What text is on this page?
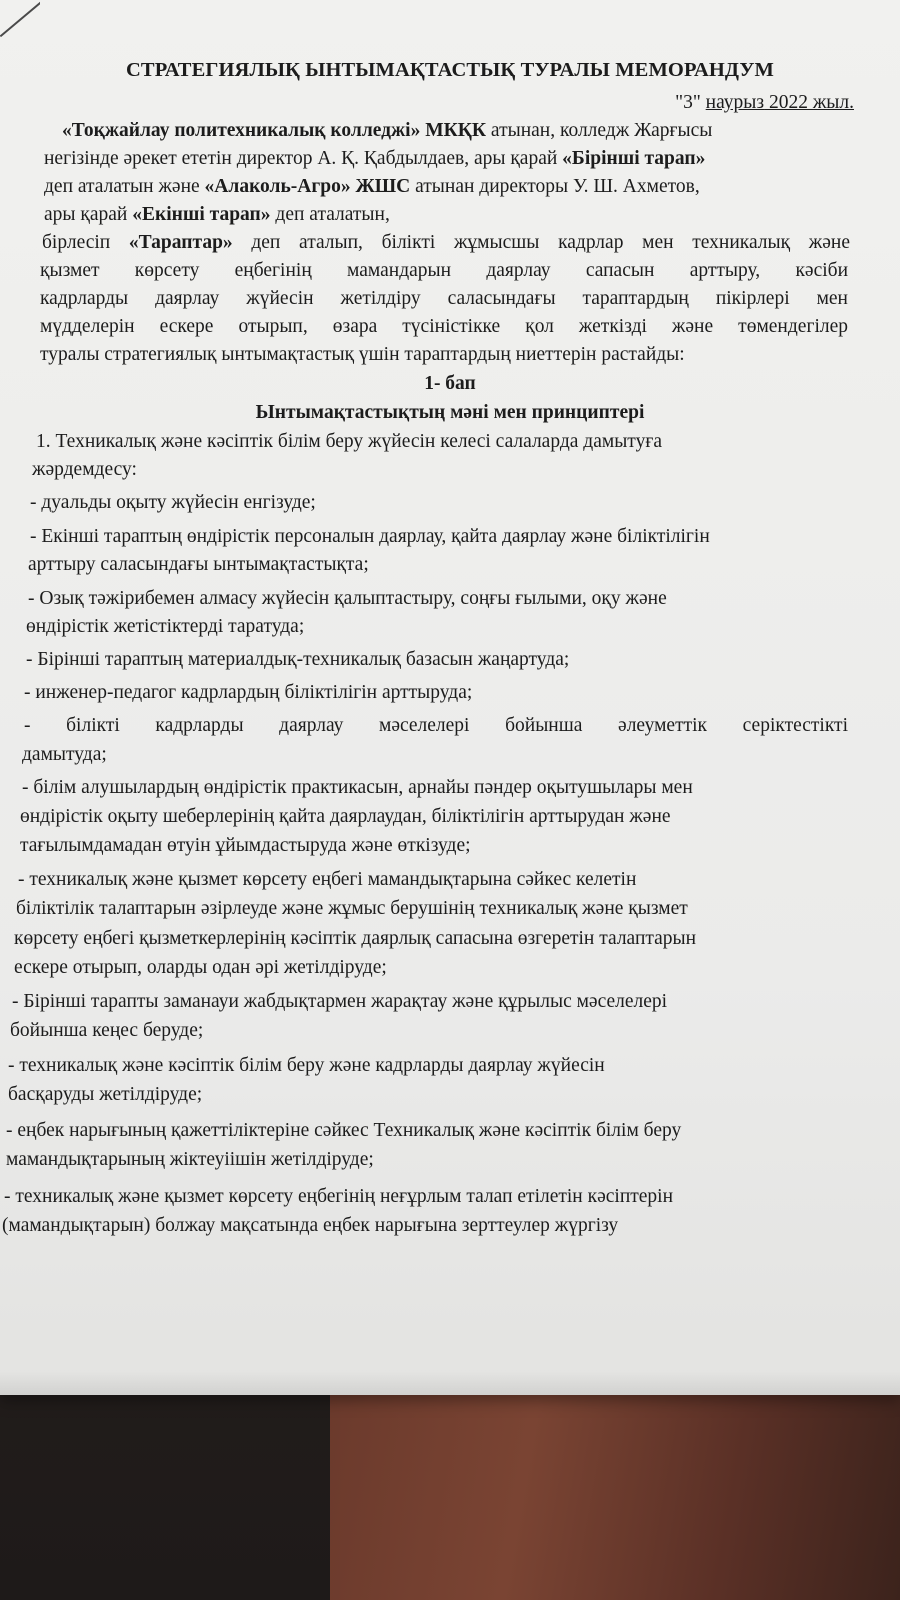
СТРАТЕГИЯЛЫҚ ЫНТЫМАҚТАСТЫҚ ТУРАЛЫ МЕМОРАНДУМ
"3" наурыз 2022 жыл.
«Тоқжайлау политехникалық колледжі» МКҚК атынан, колледж Жарғысы
негізінде әрекет ететін директор А. Қ. Қабдылдаев, ары қарай «Бірінші тарап»
деп аталатын және «Алаколь-Агро» ЖШС атынан директоры У. Ш. Ахметов,
ары қарай «Екінші тарап» деп аталатын,
бірлесіп «Тараптар» деп аталып, білікті жұмысшы кадрлар мен техникалық және
қызмет көрсету еңбегінің мамандарын даярлау сапасын арттыру, кәсіби
кадрларды даярлау жүйесін жетілдіру саласындағы тараптардың пікірлері мен
мүдделерін ескере отырып, өзара түсіністікке қол жеткізді және төмендегілер
туралы стратегиялық ынтымақтастық үшін тараптардың ниеттерін растайды:
1- бап
Ынтымақтастықтың мәні мен принциптері
1. Техникалық және кәсіптік білім беру жүйесін келесі салаларда дамытуға
жәрдемдесу:
- дуальды оқыту жүйесін енгізуде;
- Екінші тараптың өндірістік персоналын даярлау, қайта даярлау және біліктілігін
арттыру саласындағы ынтымақтастықта;
- Озық тәжірибемен алмасу жүйесін қалыптастыру, соңғы ғылыми, оқу және
өндірістік жетістіктерді таратуда;
- Бірінші тараптың материалдық-техникалық базасын жаңартуда;
- инженер-педагог кадрлардың біліктілігін арттыруда;
- білікті кадрларды даярлау мәселелері бойынша әлеуметтік серіктестікті
дамытуда;
- білім алушылардың өндірістік практикасын, арнайы пәндер оқытушылары мен
өндірістік оқыту шеберлерінің қайта даярлаудан, біліктілігін арттырудан және
тағылымдамадан өтуін ұйымдастыруда және өткізуде;
- техникалық және қызмет көрсету еңбегі мамандықтарына сәйкес келетін
біліктілік талаптарын әзірлеуде және жұмыс берушінің техникалық және қызмет
көрсету еңбегі қызметкерлерінің кәсіптік даярлық сапасына өзгеретін талаптарын
ескере отырып, оларды одан әрі жетілдіруде;
- Бірінші тарапты заманауи жабдықтармен жарақтау және құрылыс мәселелері
бойынша кеңес беруде;
- техникалық және кәсіптік білім беру және кадрларды даярлау жүйесін
басқаруды жетілдіруде;
- еңбек нарығының қажеттіліктеріне сәйкес Техникалық және кәсіптік білім беру
мамандықтарының жіктеуіішін жетілдіруде;
- техникалық және қызмет көрсету еңбегінің неғұрлым талап етілетін кәсіптерін
(мамандықтарын) болжау мақсатында еңбек нарығына зерттеулер жүргізу
